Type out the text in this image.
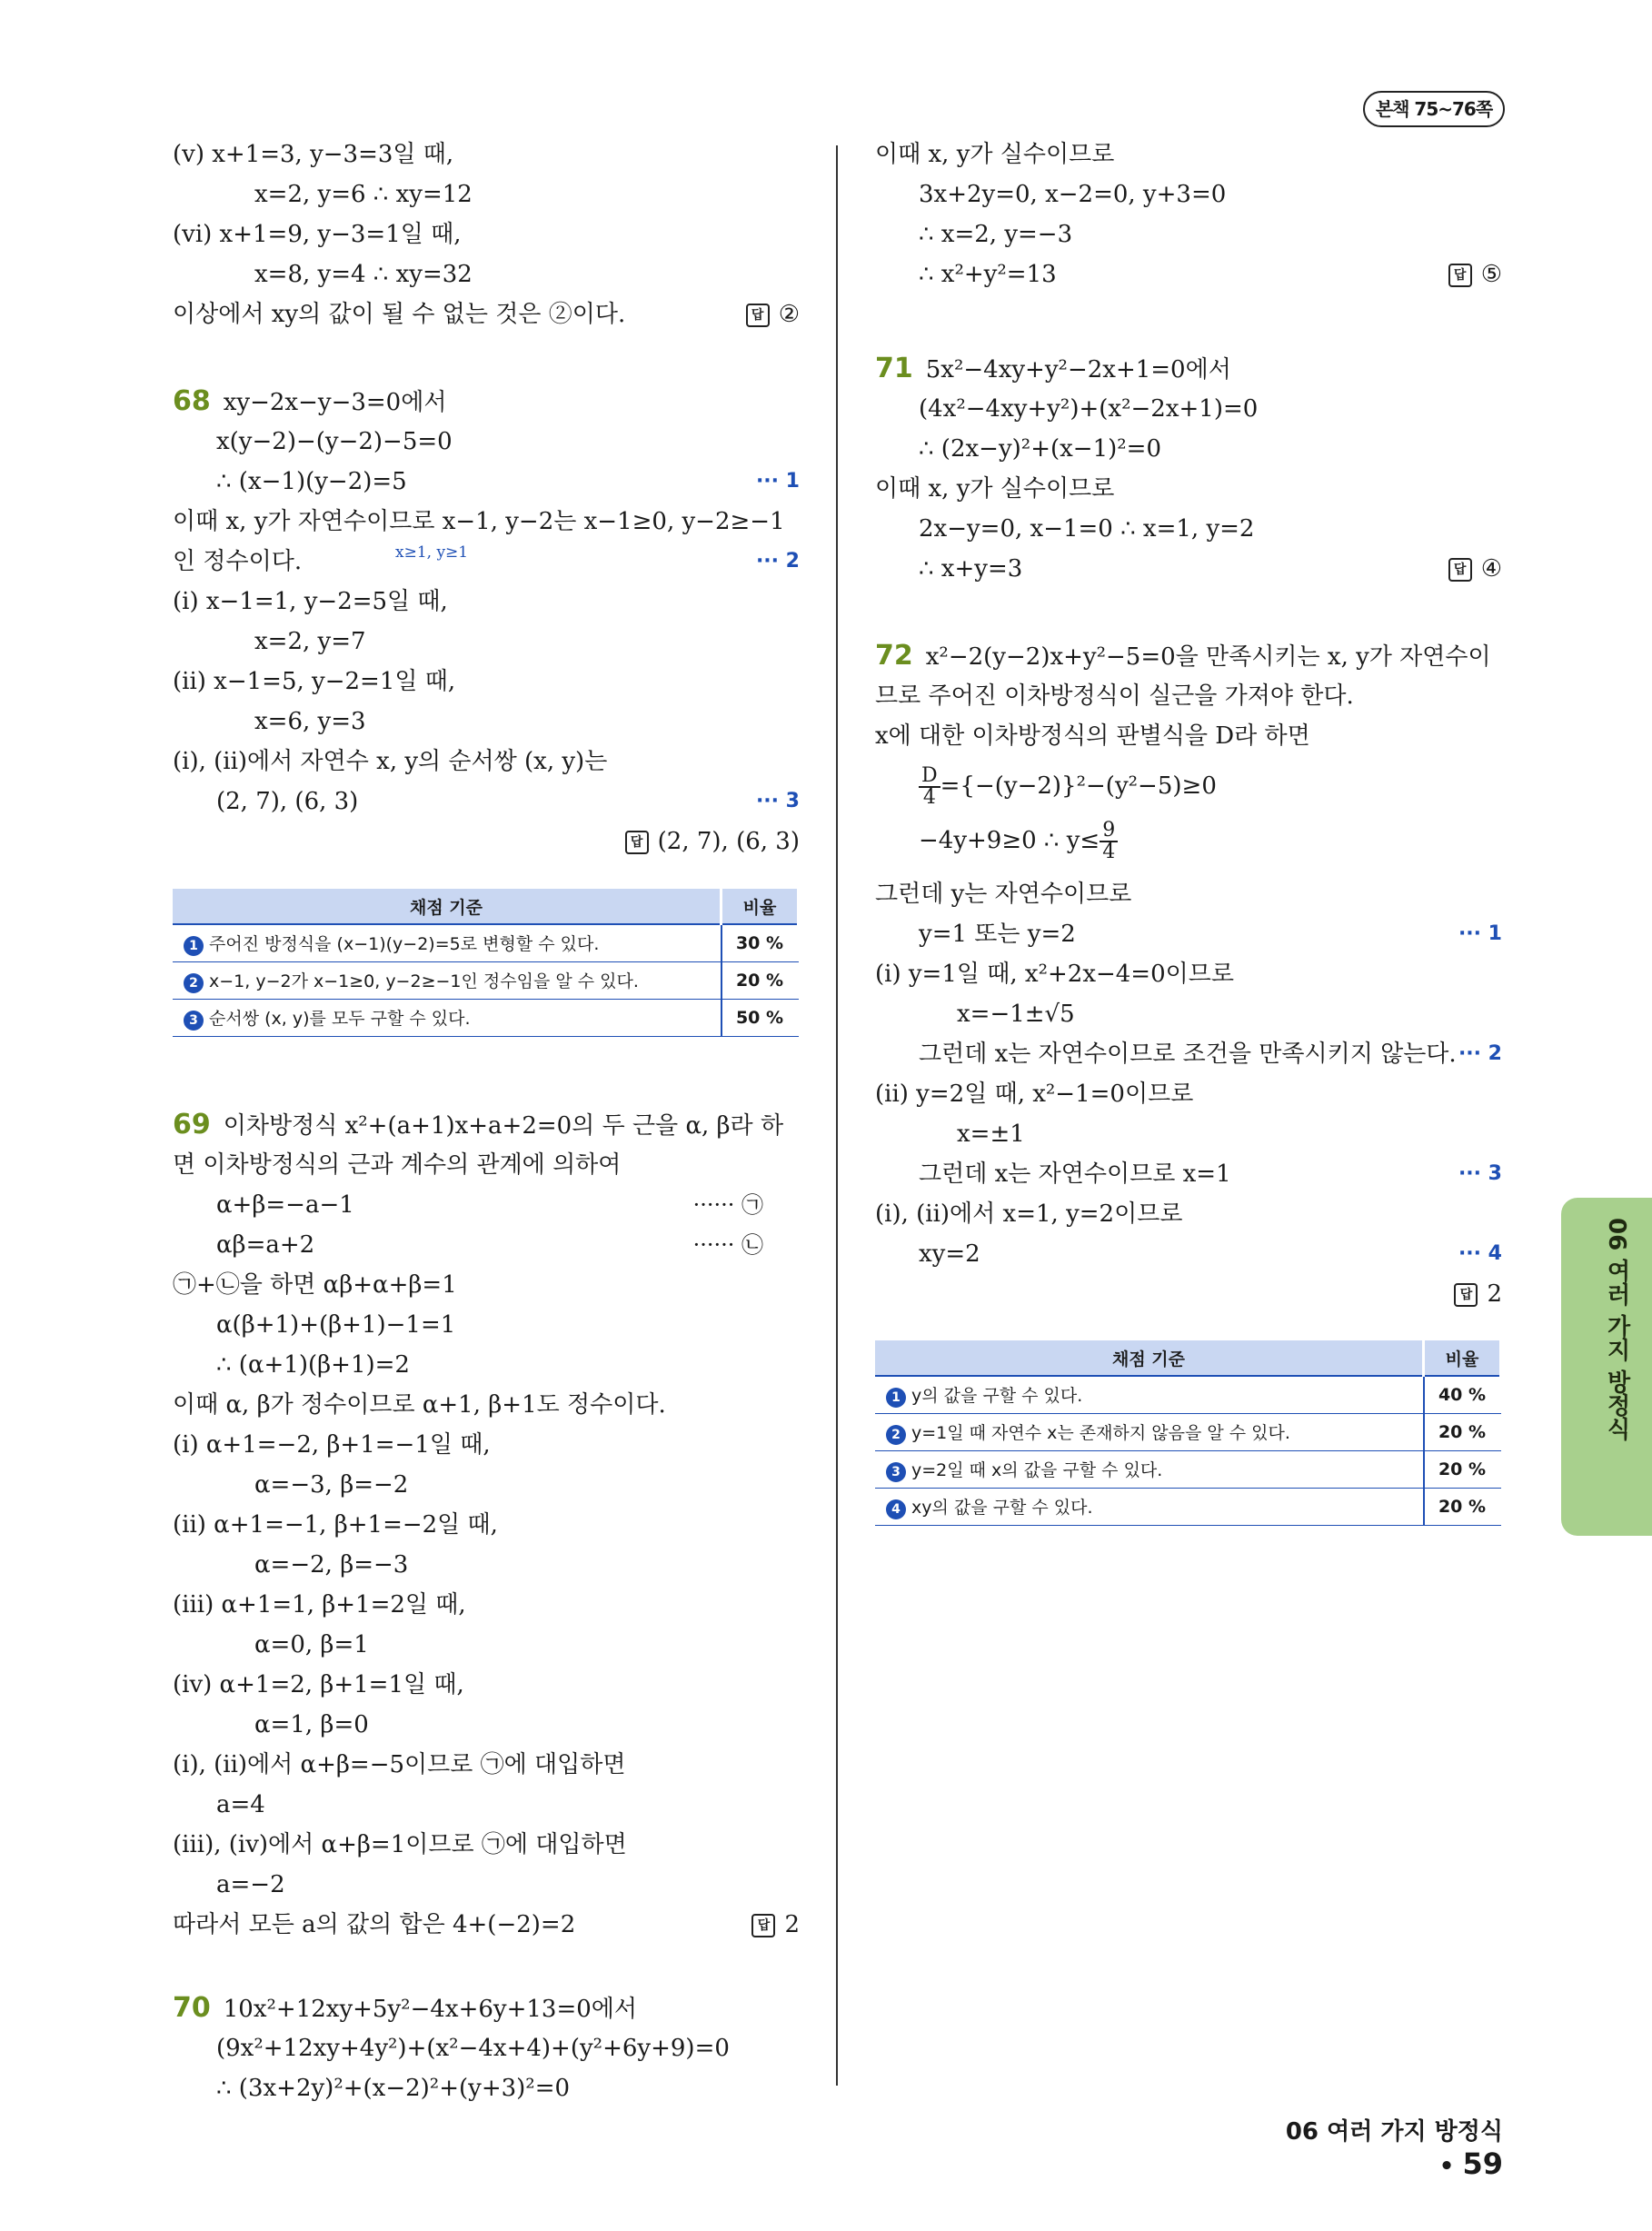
본책 75~76쪽
(v) x+1=3, y−3=3일 때,
x=2, y=6 ∴ xy=12
(vi) x+1=9, y−3=1일 때,
x=8, y=4 ∴ xy=32
이상에서 xy의 값이 될 수 없는 것은 ②이다.	답 ②
68 xy−2x−y−3=0에서
x(y−2)−(y−2)−5=0
∴ (x−1)(y−2)=5	··· 1
이때 x, y가 자연수이므로 x−1, y−2는 x−1≥0, y−2≥−1
x≥1, y≥1
인 정수이다.	··· 2
(i) x−1=1, y−2=5일 때,
x=2, y=7
(ii) x−1=5, y−2=1일 때,
x=6, y=3
(i), (ii)에서 자연수 x, y의 순서쌍 (x, y)는
(2, 7), (6, 3)	··· 3
답 (2, 7), (6, 3)
채점 기준	비율
1 주어진 방정식을 (x−1)(y−2)=5로 변형할 수 있다.	30 %
2 x−1, y−2가 x−1≥0, y−2≥−1인 정수임을 알 수 있다.	20 %
3 순서쌍 (x, y)를 모두 구할 수 있다.	50 %
69 이차방정식 x²+(a+1)x+a+2=0의 두 근을 α, β라 하
면 이차방정식의 근과 계수의 관계에 의하여
α+β=−a−1	······ ㉠
αβ=a+2	······ ㉡
㉠+㉡을 하면 αβ+α+β=1
α(β+1)+(β+1)−1=1
∴ (α+1)(β+1)=2
이때 α, β가 정수이므로 α+1, β+1도 정수이다.
(i) α+1=−2, β+1=−1일 때,
α=−3, β=−2
(ii) α+1=−1, β+1=−2일 때,
α=−2, β=−3
(iii) α+1=1, β+1=2일 때,
α=0, β=1
(iv) α+1=2, β+1=1일 때,
α=1, β=0
(i), (ii)에서 α+β=−5이므로 ㉠에 대입하면
a=4
(iii), (iv)에서 α+β=1이므로 ㉠에 대입하면
a=−2
따라서 모든 a의 값의 합은 4+(−2)=2	답 2
70 10x²+12xy+5y²−4x+6y+13=0에서
(9x²+12xy+4y²)+(x²−4x+4)+(y²+6y+9)=0
∴ (3x+2y)²+(x−2)²+(y+3)²=0
이때 x, y가 실수이므로
3x+2y=0, x−2=0, y+3=0
∴ x=2, y=−3
∴ x²+y²=13	답 ⑤
71 5x²−4xy+y²−2x+1=0에서
(4x²−4xy+y²)+(x²−2x+1)=0
∴ (2x−y)²+(x−1)²=0
이때 x, y가 실수이므로
2x−y=0, x−1=0 ∴ x=1, y=2
∴ x+y=3	답 ④
72 x²−2(y−2)x+y²−5=0을 만족시키는 x, y가 자연수이
므로 주어진 이차방정식이 실근을 가져야 한다.
x에 대한 이차방정식의 판별식을 D라 하면
$\frac{D}{4} =\{-(y-2)\}^2-(y^2-5)\ge 0$
−4y+9≥0 ∴ $y\le \frac{9}{4}$
그런데 y는 자연수이므로
y=1 또는 y=2	··· 1
(i) y=1일 때, x²+2x−4=0이므로
x=−1±√5
그런데 x는 자연수이므로 조건을 만족시키지 않는다. ··· 2
(ii) y=2일 때, x²−1=0이므로
x=±1
그런데 x는 자연수이므로 x=1	··· 3
(i), (ii)에서 x=1, y=2이므로
xy=2	··· 4
답 2
채점 기준	비율
1 y의 값을 구할 수 있다.	40 %
2 y=1일 때 자연수 x는 존재하지 않음을 알 수 있다.	20 %
3 y=2일 때 x의 값을 구할 수 있다.	20 %
4 xy의 값을 구할 수 있다.	20 %
06 여러 가지 방정식
06 여러 가지 방정식 • 59
